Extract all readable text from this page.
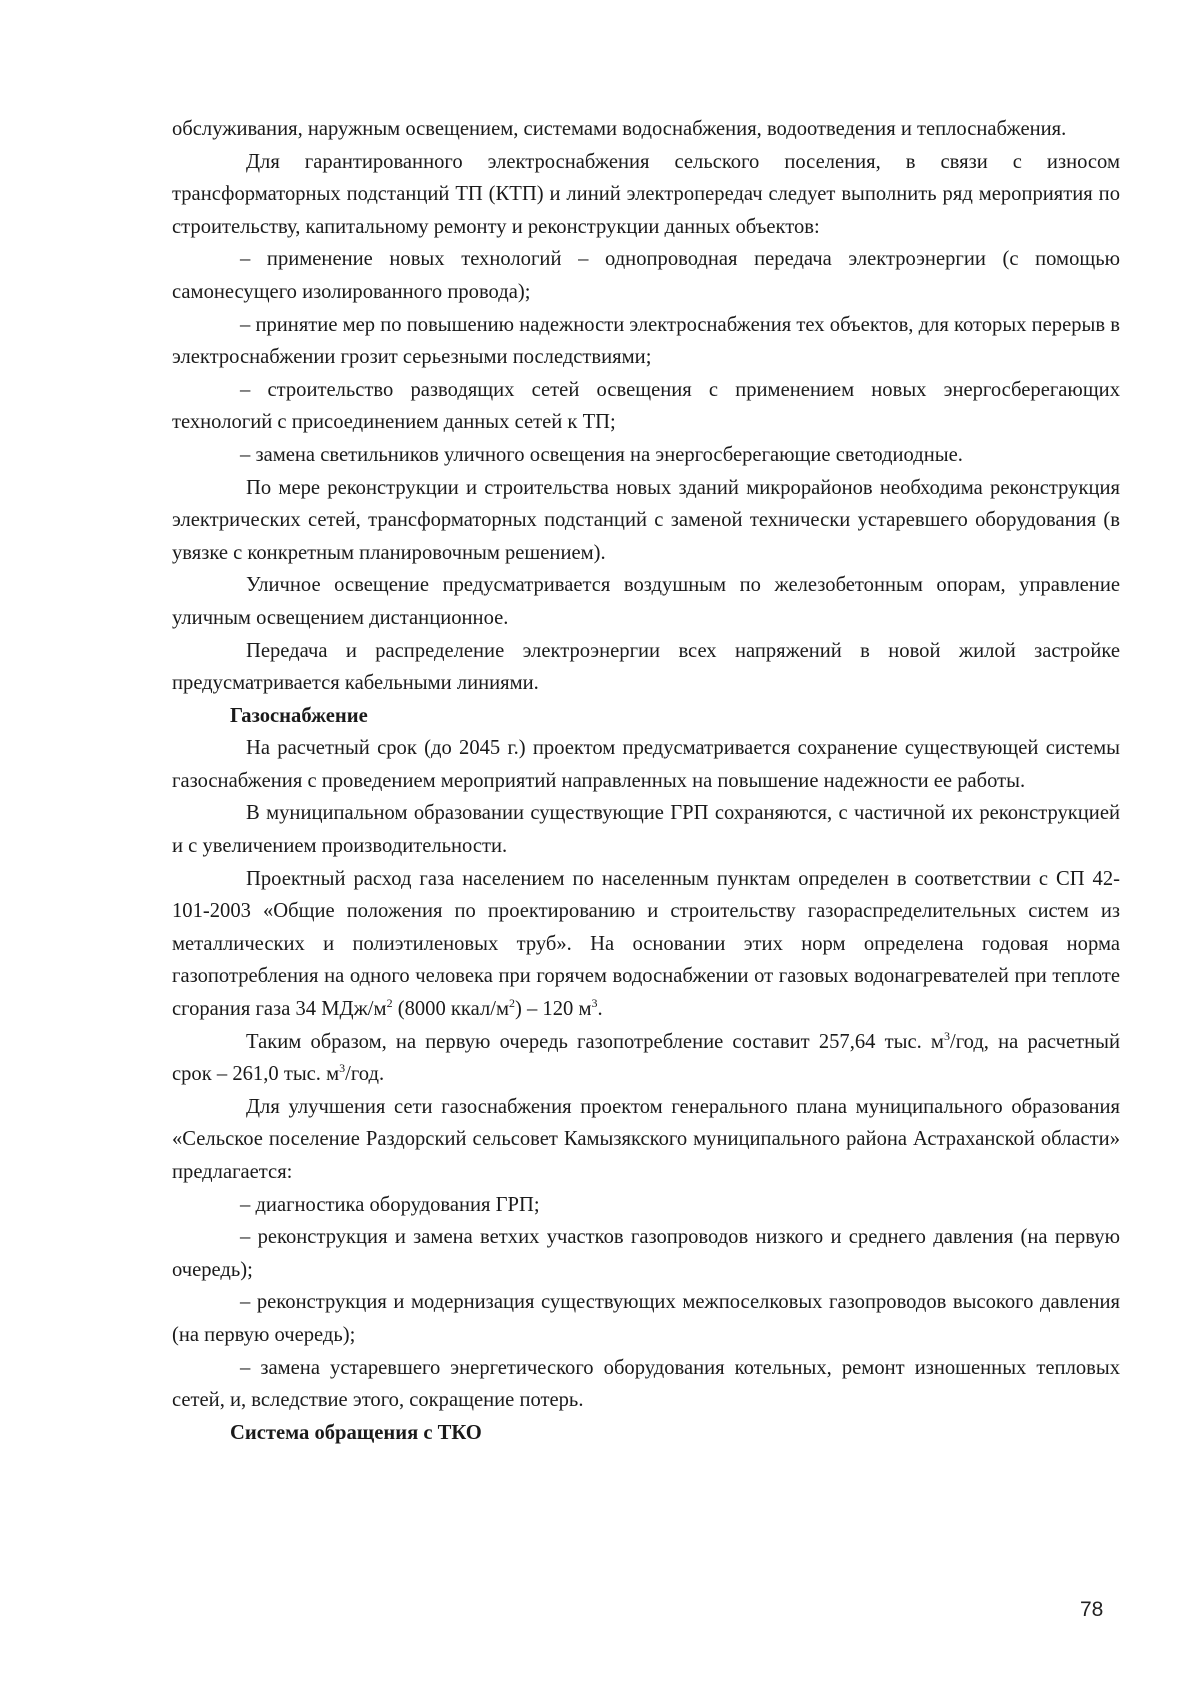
обслуживания, наружным освещением, системами водоснабжения, водоотведения и теплоснабжения.

Для гарантированного электроснабжения сельского поселения, в связи с износом трансформаторных подстанций ТП (КТП) и линий электропередач следует выполнить ряд мероприятия по строительству, капитальному ремонту и реконструкции данных объектов:

– применение новых технологий – однопроводная передача электроэнергии (с помощью самонесущего изолированного провода);

– принятие мер по повышению надежности электроснабжения тех объектов, для которых перерыв в электроснабжении грозит серьезными последствиями;

– строительство разводящих сетей освещения с применением новых энергосберегающих технологий с присоединением данных сетей к ТП;

– замена светильников уличного освещения на энергосберегающие светодиодные.

По мере реконструкции и строительства новых зданий микрорайонов необходима реконструкция электрических сетей, трансформаторных подстанций с заменой технически устаревшего оборудования (в увязке с конкретным планировочным решением).

Уличное освещение предусматривается воздушным по железобетонным опорам, управление уличным освещением дистанционное.

Передача и распределение электроэнергии всех напряжений в новой жилой застройке предусматривается кабельными линиями.

Газоснабжение

На расчетный срок (до 2045 г.) проектом предусматривается сохранение существующей системы газоснабжения с проведением мероприятий направленных на повышение надежности ее работы.

В муниципальном образовании существующие ГРП сохраняются, с частичной их реконструкцией и с увеличением производительности.

Проектный расход газа населением по населенным пунктам определен в соответствии с СП 42-101-2003 «Общие положения по проектированию и строительству газораспределительных систем из металлических и полиэтиленовых труб». На основании этих норм определена годовая норма газопотребления на одного человека при горячем водоснабжении от газовых водонагревателей при теплоте сгорания газа 34 МДж/$м^2$ (8000 ккал/$м^2) - 120$ $м^3$.

Таким образом, на первую очередь газопотребление составит 257,64 тыс. $м^3$/год, на расчетный срок – 261,0 тыс. $м^3$/год.

Для улучшения сети газоснабжения проектом генерального плана муниципального образования «Сельское поселение Раздорский сельсовет Камызякского муниципального района Астраханской области» предлагается:

– диагностика оборудования ГРП;

– реконструкция и замена ветхих участков газопроводов низкого и среднего давления (на первую очередь);

– реконструкция и модернизация существующих межпоселковых газопроводов высокого давления (на первую очередь);

– замена устаревшего энергетического оборудования котельных, ремонт изношенных тепловых сетей, и, вследствие этого, сокращение потерь.

Система обращения с ТКО

78
